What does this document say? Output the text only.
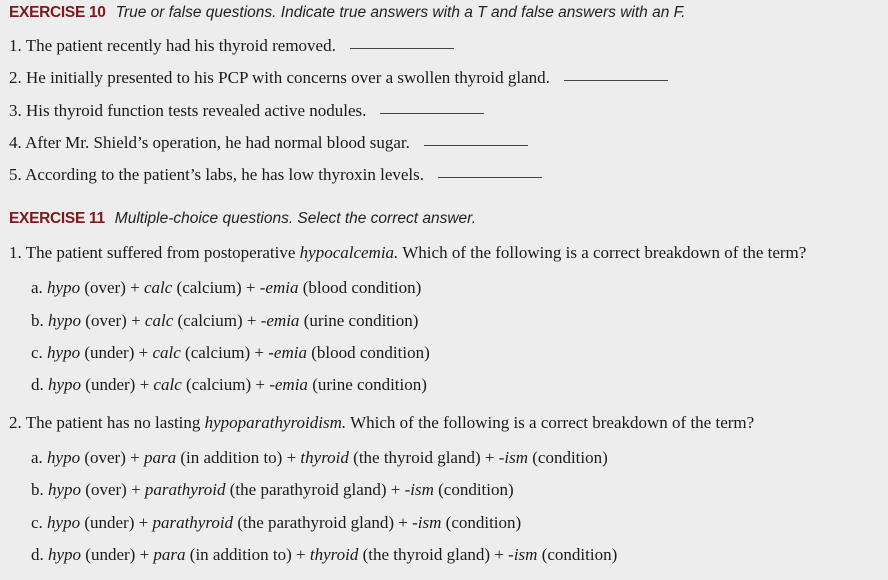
EXERCISE 10 True or false questions. Indicate true answers with a T and false answers with an F.
1. The patient recently had his thyroid removed.
2. He initially presented to his PCP with concerns over a swollen thyroid gland.
3. His thyroid function tests revealed active nodules.
4. After Mr. Shield’s operation, he had normal blood sugar.
5. According to the patient’s labs, he has low thyroxin levels.
EXERCISE 11 Multiple-choice questions. Select the correct answer.
1. The patient suffered from postoperative hypocalcemia. Which of the following is a correct breakdown of the term?
a. hypo (over) + calc (calcium) + -emia (blood condition)
b. hypo (over) + calc (calcium) + -emia (urine condition)
c. hypo (under) + calc (calcium) + -emia (blood condition)
d. hypo (under) + calc (calcium) + -emia (urine condition)
2. The patient has no lasting hypoparathyroidism. Which of the following is a correct breakdown of the term?
a. hypo (over) + para (in addition to) + thyroid (the thyroid gland) + -ism (condition)
b. hypo (over) + parathyroid (the parathyroid gland) + -ism (condition)
c. hypo (under) + parathyroid (the parathyroid gland) + -ism (condition)
d. hypo (under) + para (in addition to) + thyroid (the thyroid gland) + -ism (condition)
